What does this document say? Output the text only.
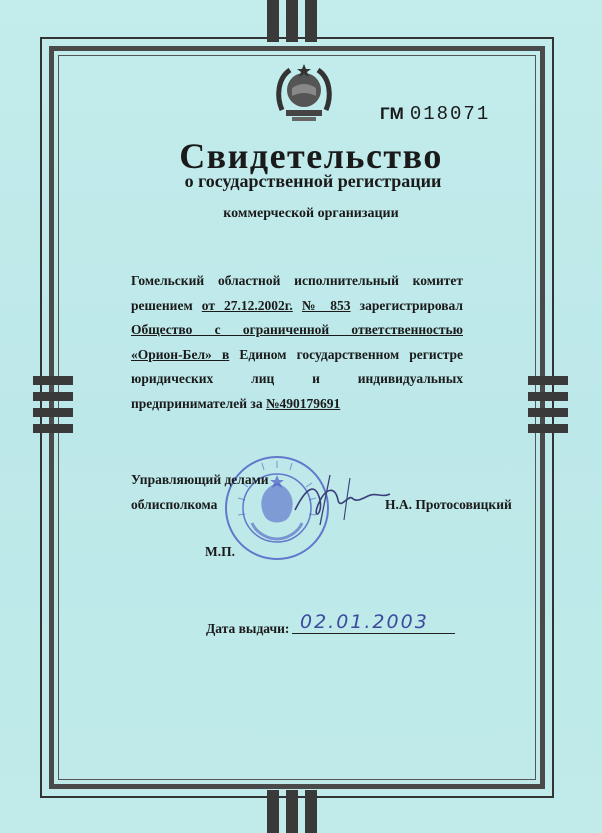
ГМ 018071
Свидетельство
о государственной регистрации
коммерческой организации
Гомельский областной исполнительный комитет
решением от 27.12.2002г. № 853 зарегистрировал
Общество с ограниченной ответственностью
«Орион-Бел» в Едином государственном регистре
юридических лиц и индивидуальных
предпринимателей за №490179691
Управляющий делами
облисполкома	Н.А. Протосовицкий
М.П.
Дата выдачи: 02.01.2003
